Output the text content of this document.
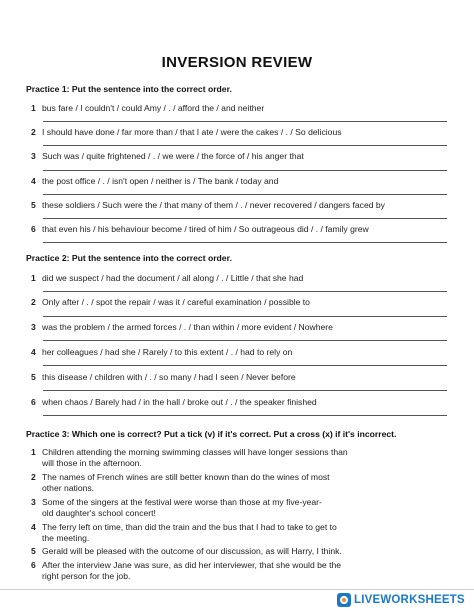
INVERSION REVIEW
Practice 1: Put the sentence into the correct order.
1 bus fare / I couldn't / could Amy / . / afford the / and neither
2 I should have done / far more than / that I ate / were the cakes / . / So delicious
3 Such was / quite frightened / . / we were / the force of / his anger that
4 the post office / . / isn't open / neither is / The bank / today and
5 these soldiers / Such were the / that many of them / . / never recovered / dangers faced by
6 that even his / his behaviour become / tired of him / So outrageous did / . / family grew
Practice 2: Put the sentence into the correct order.
1 did we suspect / had the document / all along / . / Little / that she had
2 Only after / . / spot the repair / was it / careful examination / possible to
3 was the problem / the armed forces / . / than within / more evident / Nowhere
4 her colleagues / had she / Rarely / to this extent / . / had to rely on
5 this disease / children with / . / so many / had I seen / Never before
6 when chaos / Barely had / in the hall / broke out / . / the speaker finished
Practice 3: Which one is correct? Put a tick (v) if it's correct. Put a cross (x) if it's incorrect.
1 Children attending the morning swimming classes will have longer sessions than
will those in the afternoon.
2 The names of French wines are still better known than do the wines of most
other nations.
3 Some of the singers at the festival were worse than those at my five-year-
old daughter's school concert!
4 The ferry left on time, than did the train and the bus that I had to take to get to
the meeting.
5 Gerald will be pleased with the outcome of our discussion, as will Harry, I think.
6 After the interview Jane was sure, as did her interviewer, that she would be the
right person for the job.
LIVEWORKSHEETS
